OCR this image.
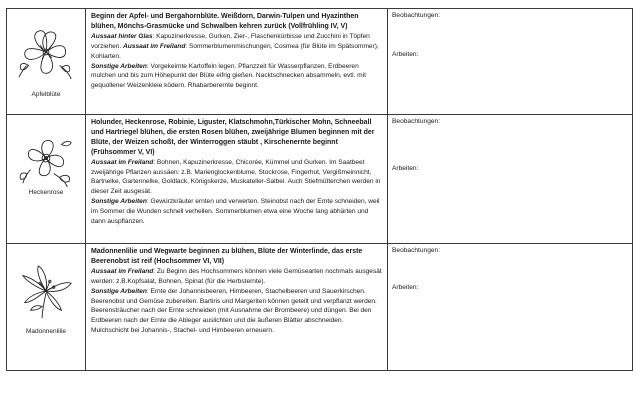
Apfelblüte	Beginn der Apfel- und Bergahornblüte. Weißdorn, Darwin-Tulpen und Hyazinthen blühen, Mönchs-Grasmücke und Schwalben kehren zurück (Vollfrühling IV, V)
Aussaat hinter Glas: Kapuzinerkresse, Gurken, Zier-, Flaschenkürbisse und Zucchini in Töpfen vorziehen. Aussaat im Freiland: Sommerblumenmischungen, Cosmea (für Blüte im Spätsommer), Kohlarten.
Sonstige Arbeiten: Vorgekeimte Kartoffeln legen. Pflanzzeit für Wasserpflanzen. Erdbeeren mulchen und bis zum Höhepunkt der Blüte eifrig gießen. Nacktschnecken absammeln, evtl. mit gequollener Weizenkleie ködern. Rhabarberernte beginnt.	Beobachtungen:
Arbeiten:

Heckenrose	Holunder, Heckenrose, Robinie, Liguster, Klatschmohn,Türkischer Mohn, Schneeball und Hartriegel blühen, die ersten Rosen blühen, zweijährige Blumen beginnen mit der Blüte, der Weizen schoßt, der Winterroggen stäubt , Kirschenernte beginnt (Frühsommer V, VI)
Aussaat im Freiland: Bohnen, Kapuzinerkresse, Chicorée, Kümmel und Gurken. Im Saatbeet zweijährige Pflanzen aussäen: z.B. Marienglockenblume, Stockrose, Fingerhut, Vergißmeinnicht, Bartnelke, Gartennelke, Goldlack, Königskerze, Muskateller-Salbei. Auch Stiefmütterchen werden in dieser Zeit ausgesät.
Sonstige Arbeiten: Gewürzkräuter ernten und verwerten. Steinobst nach der Ernte schneiden, weil im Sommer die Wunden schnell verheilen. Sommerblumen etwa eine Woche lang abhärten und dann auspflanzen.	Beobachtungen:
Arbeiten:

Madonnenlilie	Madonnenlilie und Wegwarte beginnen zu blühen, Blüte der Winterlinde, das erste Beerenobst ist reif (Hochsommer VI, VII)
Aussaat im Freiland: Zu Beginn des Hochsommers können viele Gemüsearten nochmals ausgesät werden: z.B.Kopfsalat, Bohnen, Spinat (für die Herbsternte).
Sonstige Arbeiten: Ernte der Johannisbeeren, Himbeeren, Stachelbeeren und Sauerkirschen. Beerenobst und Gemüse zubereiten. Bartiris und Margeriten können geteilt und verpflanzt werden. Beerensträucher nach der Ernte schneiden (mit Ausnahme der Brombeere) und düngen. Bei den Erdbeeren nach der Ernte die Ableger auslichten und die äußeren Blätter abschneiden. Mulchschicht bei Johannis-, Stachel- und Himbeeren erneuern.	Beobachtungen:
Arbeiten:
